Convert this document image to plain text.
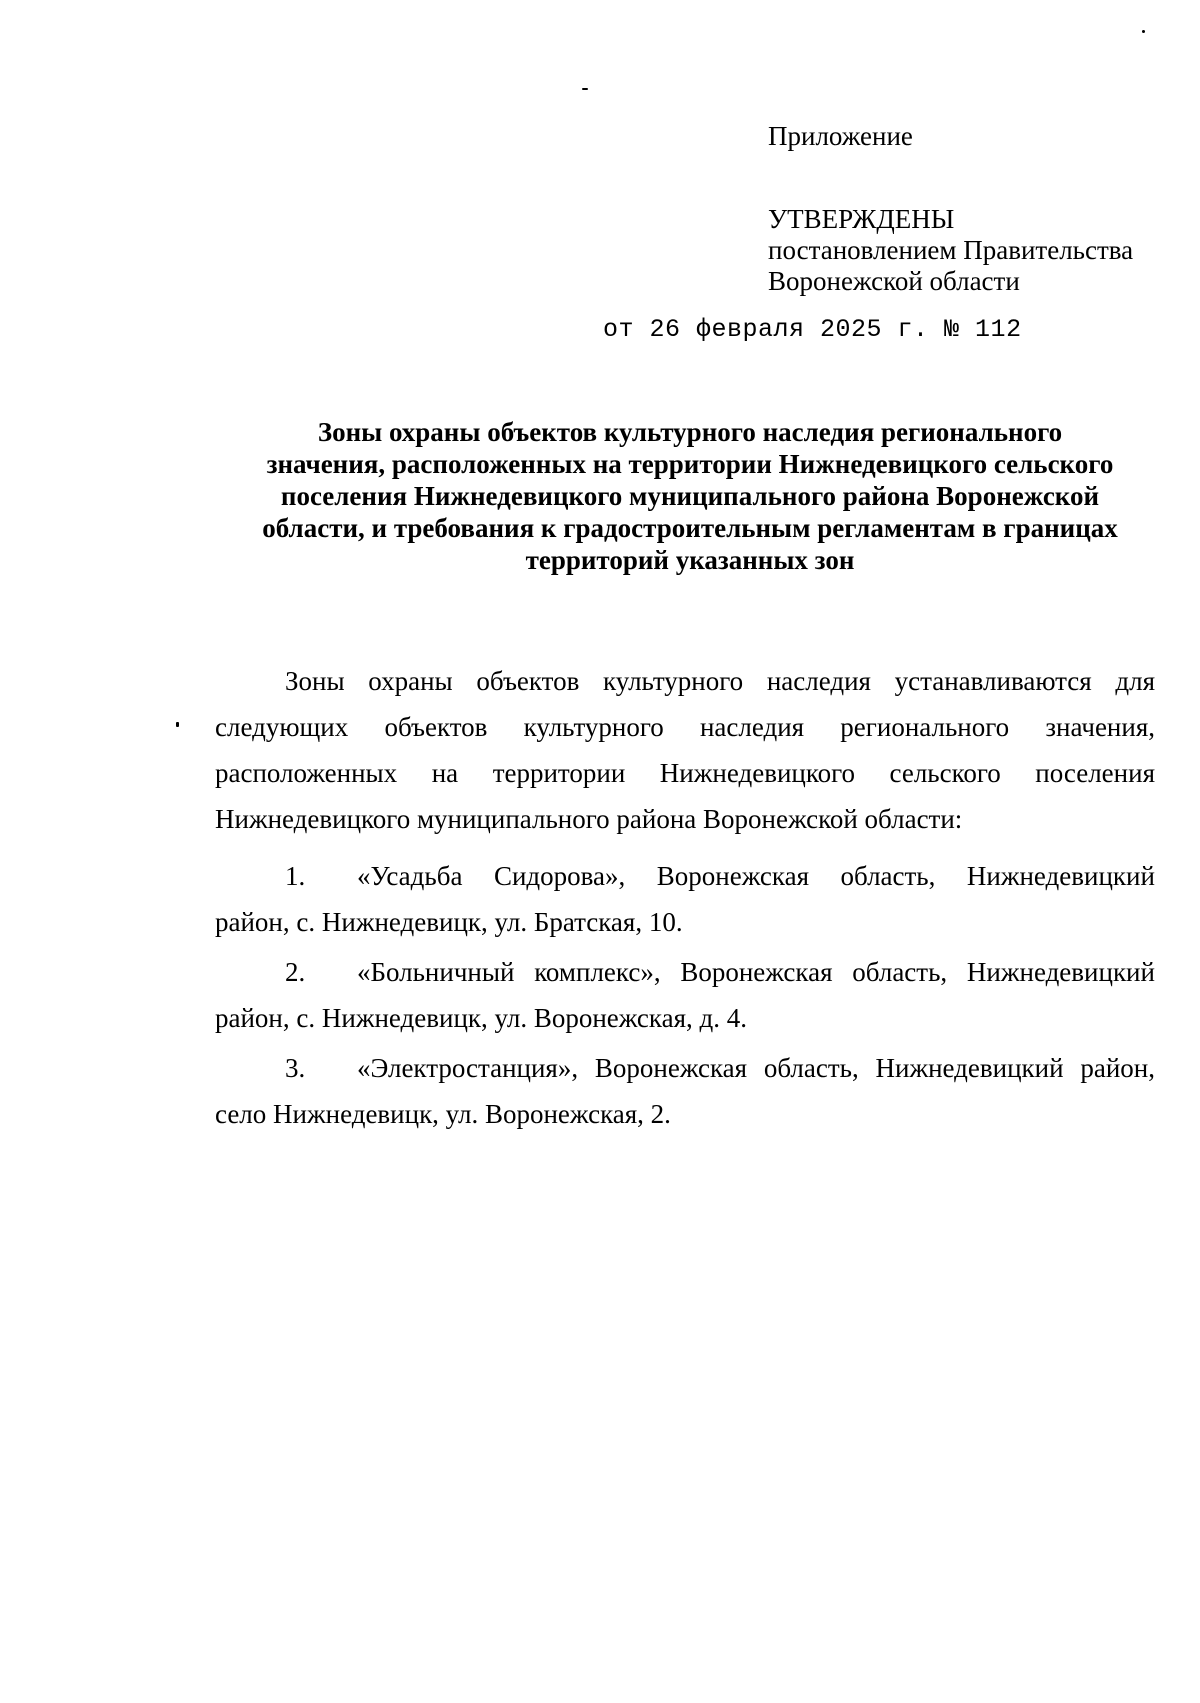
Приложение
УТВЕРЖДЕНЫ
постановлением Правительства
Воронежской области
от 26 февраля 2025 г. № 112
Зоны охраны объектов культурного наследия регионального
значения, расположенных на территории Нижнедевицкого сельского
поселения Нижнедевицкого муниципального района Воронежской
области, и требования к градостроительным регламентам в границах
территорий указанных зон

Зоны охраны объектов культурного наследия устанавливаются для следующих объектов культурного наследия регионального значения, расположенных на территории Нижнедевицкого сельского поселения Нижнедевицкого муниципального района Воронежской области:

1.	«Усадьба Сидорова», Воронежская область, Нижнедевицкий
район, с. Нижнедевицк, ул. Братская, 10.
2.	«Больничный комплекс», Воронежская область, Нижнедевицкий
район, с. Нижнедевицк, ул. Воронежская, д. 4.
3.	«Электростанция», Воронежская область, Нижнедевицкий район,
село Нижнедевицк, ул. Воронежская, 2.
